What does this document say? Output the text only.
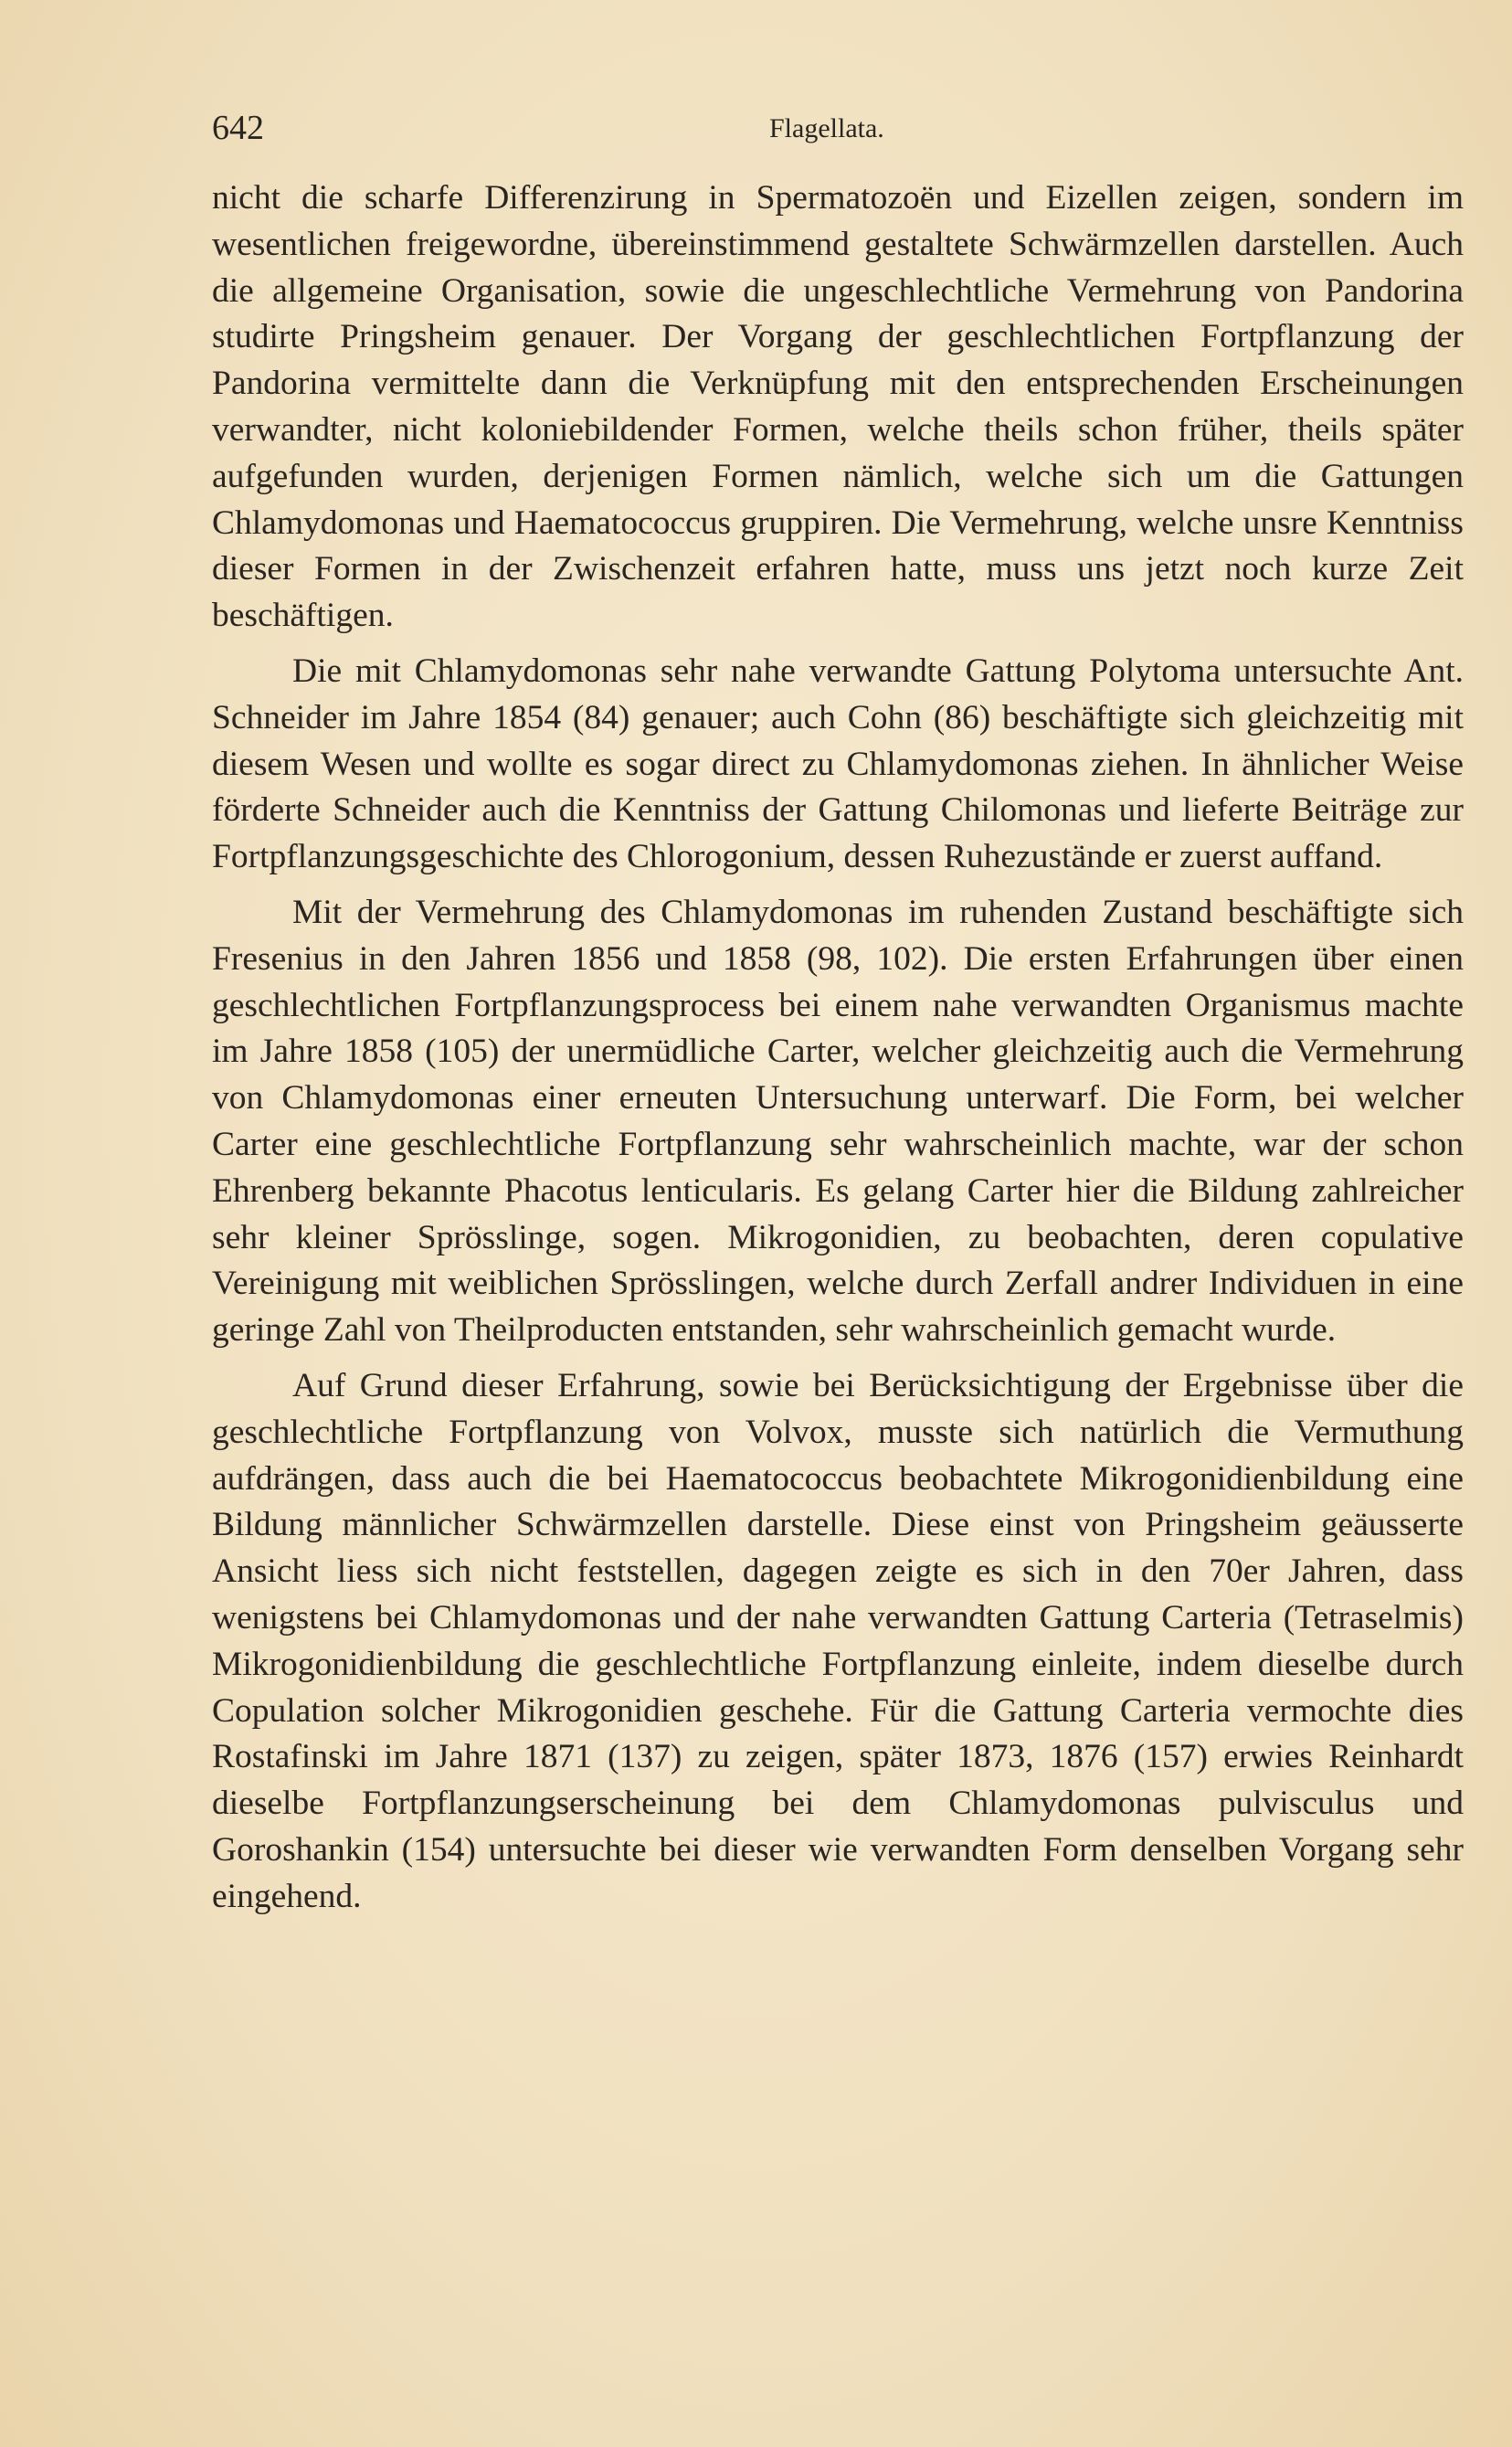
642	Flagellata.

nicht die scharfe Differenzirung in Spermatozoën und Eizellen zeigen, sondern im wesentlichen freigewordne, übereinstimmend gestaltete Schwärmzellen darstellen. Auch die allgemeine Organisation, sowie die ungeschlechtliche Vermehrung von Pandorina studirte Pringsheim genauer. Der Vorgang der geschlechtlichen Fortpflanzung der Pandorina vermittelte dann die Verknüpfung mit den entsprechenden Erscheinungen verwandter, nicht koloniebildender Formen, welche theils schon früher, theils später aufgefunden wurden, derjenigen Formen nämlich, welche sich um die Gattungen Chlamydomonas und Haematococcus gruppiren. Die Vermehrung, welche unsre Kenntniss dieser Formen in der Zwischenzeit erfahren hatte, muss uns jetzt noch kurze Zeit beschäftigen.

Die mit Chlamydomonas sehr nahe verwandte Gattung Polytoma untersuchte Ant. Schneider im Jahre 1854 (84) genauer; auch Cohn (86) beschäftigte sich gleichzeitig mit diesem Wesen und wollte es sogar direct zu Chlamydomonas ziehen. In ähnlicher Weise förderte Schneider auch die Kenntniss der Gattung Chilomonas und lieferte Beiträge zur Fortpflanzungsgeschichte des Chlorogonium, dessen Ruhezustände er zuerst auffand.

Mit der Vermehrung des Chlamydomonas im ruhenden Zustand beschäftigte sich Fresenius in den Jahren 1856 und 1858 (98, 102). Die ersten Erfahrungen über einen geschlechtlichen Fortpflanzungsprocess bei einem nahe verwandten Organismus machte im Jahre 1858 (105) der unermüdliche Carter, welcher gleichzeitig auch die Vermehrung von Chlamydomonas einer erneuten Untersuchung unterwarf. Die Form, bei welcher Carter eine geschlechtliche Fortpflanzung sehr wahrscheinlich machte, war der schon Ehrenberg bekannte Phacotus lenticularis. Es gelang Carter hier die Bildung zahlreicher sehr kleiner Sprösslinge, sogen. Mikrogonidien, zu beobachten, deren copulative Vereinigung mit weiblichen Sprösslingen, welche durch Zerfall andrer Individuen in eine geringe Zahl von Theilproducten entstanden, sehr wahrscheinlich gemacht wurde.

Auf Grund dieser Erfahrung, sowie bei Berücksichtigung der Ergebnisse über die geschlechtliche Fortpflanzung von Volvox, musste sich natürlich die Vermuthung aufdrängen, dass auch die bei Haematococcus beobachtete Mikrogonidienbildung eine Bildung männlicher Schwärmzellen darstelle. Diese einst von Pringsheim geäusserte Ansicht liess sich nicht feststellen, dagegen zeigte es sich in den 70er Jahren, dass wenigstens bei Chlamydomonas und der nahe verwandten Gattung Carteria (Tetraselmis) Mikrogonidienbildung die geschlechtliche Fortpflanzung einleite, indem dieselbe durch Copulation solcher Mikrogonidien geschehe. Für die Gattung Carteria vermochte dies Rostafinski im Jahre 1871 (137) zu zeigen, später 1873, 1876 (157) erwies Reinhardt dieselbe Fortpflanzungserscheinung bei dem Chlamydomonas pulvisculus und Goroshankin (154) untersuchte bei dieser wie verwandten Form denselben Vorgang sehr eingehend.
